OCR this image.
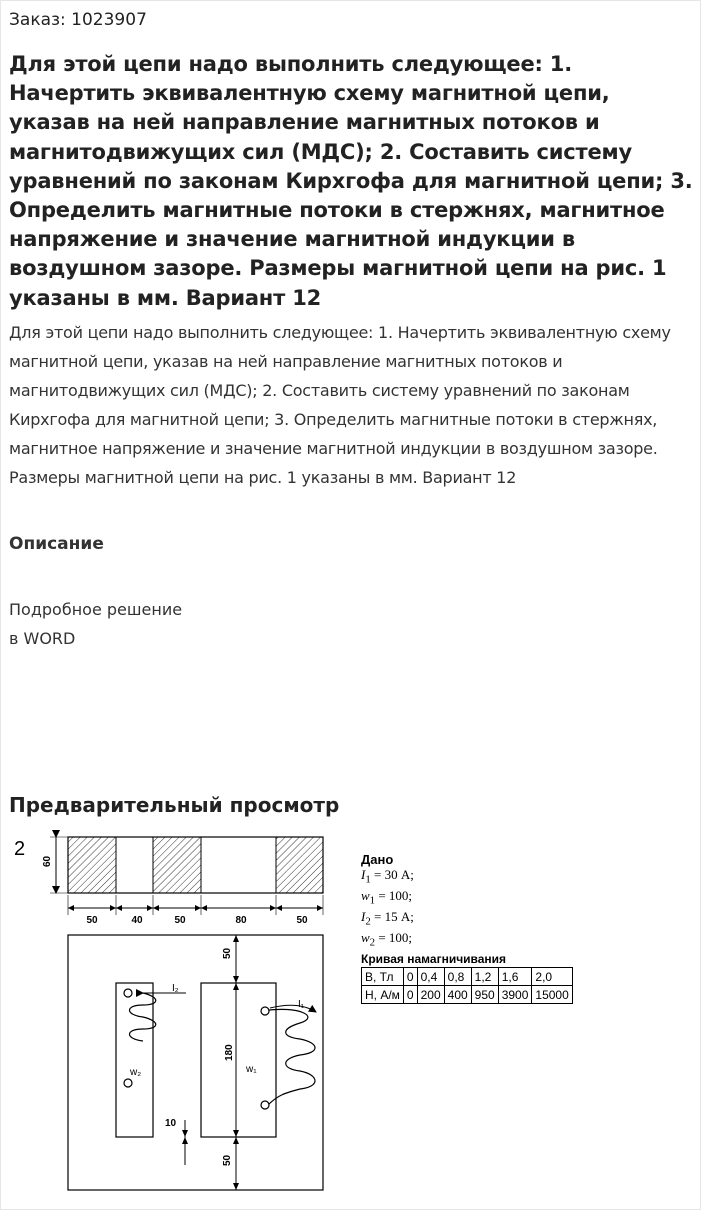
Заказ: 1023907
Для этой цепи надо выполнить следующее: 1. Начертить эквивалентную схему магнитной цепи, указав на ней направление магнитных потоков и магнитодвижущих сил (МДС); 2. Составить систему уравнений по законам Кирхгофа для магнитной цепи; 3. Определить магнитные потоки в стержнях, магнитное напряжение и значение магнитной индукции в воздушном зазоре. Размеры магнитной цепи на рис. 1 указаны в мм. Вариант 12
Для этой цепи надо выполнить следующее: 1. Начертить эквивалентную схему магнитной цепи, указав на ней направление магнитных потоков и магнитодвижущих сил (МДС); 2. Составить систему уравнений по законам Кирхгофа для магнитной цепи; 3. Определить магнитные потоки в стержнях, магнитное напряжение и значение магнитной индукции в воздушном зазоре. Размеры магнитной цепи на рис. 1 указаны в мм. Вариант 12
Описание
Подробное решение
в WORD
Предварительный просмотр
2
60
50	40	50	80	50
50
180
50
10
I₂
I₁
w₂	w₁
Дано
$I_1 = 30$ А;
$w_1 = 100$;
$I_2 = 15$ А;
$w_2 = 100$;
Кривая намагничивания
B, Тл	0	0,4	0,8	1,2	1,6	2,0
H, А/м	0	200	400	950	3900	15000
